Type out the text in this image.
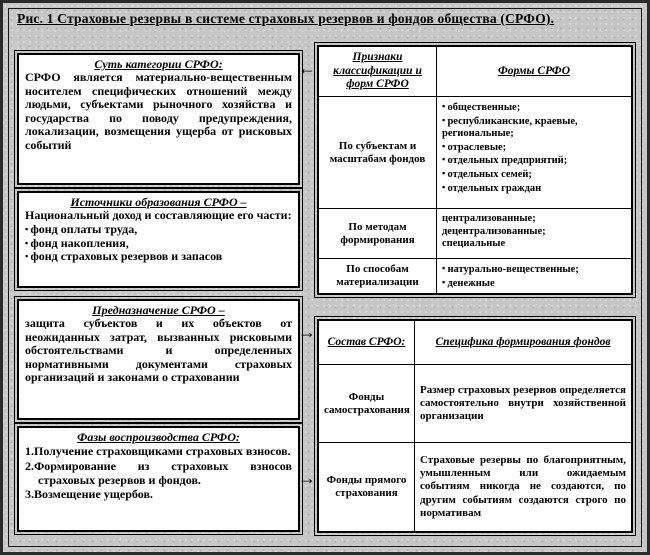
Рис. 1 Страховые резервы в системе страховых резервов и фондов общества (СРФО).
Суть категории СРФО:
СРФО является материально-вещественным носителем специфических отношений между людьми, субъектами рыночного хозяйства и государства по поводу предупреждения, локализации, возмещения ущерба от рисковых событий
Источники образования СРФО –
Национальный доход и составляющие его части:
▪ фонд оплаты труда,
▪ фонд накопления,
▪ фонд страховых резервов и запасов
Предназначение СРФО –
защита субъектов и их объектов от неожиданных затрат, вызванных рисковыми обстоятельствами и определенных нормативными документами страховых организаций и законами о страховании
Фазы воспроизводства СРФО:
1.Получение страховщиками страховых взносов.
2.Формирование из страховых взносов страховых резервов и фондов.
3.Возмещение ущербов.
←
→
→
Признаки классификации и форм СРФО
Формы СРФО
По субъектам и масштабам фондов
▪ общественные;
▪ республиканские, краевые, региональные;
▪ отраслевые;
▪ отдельных предприятий;
▪ отдельных семей;
▪ отдельных граждан
По методам формирования
централизованные;
децентрализованные;
специальные
По способам материализации
▪ натурально-вещественные;
▪ денежные
Состав СРФО:	Специфика формирования фондов
Фонды самострахования
Размер страховых резервов определяется самостоятельно внутри хозяйственной организации
Фонды прямого страхования
Страховые резервы по благоприятным, умышленным или ожидаемым событиям никогда не создаются, по другим событиям создаются строго по нормативам
